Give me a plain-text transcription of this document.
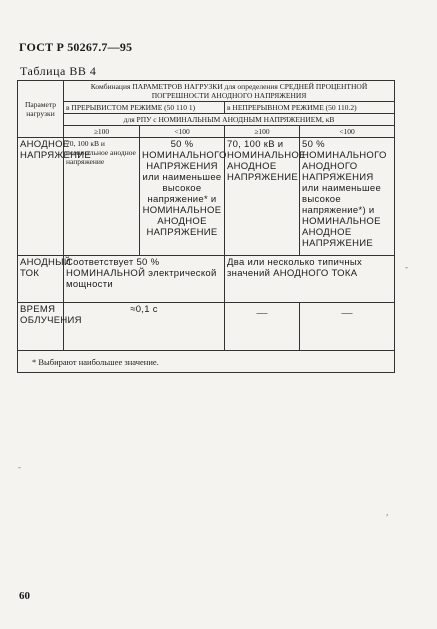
ГОСТ Р 50267.7—95
Таблица ВВ 4
Параметр нагрузки	Комбинация ПАРАМЕТРОВ НАГРУЗКИ для определения СРЕДНЕЙ ПРОЦЕНТНОЙ ПОГРЕШНОСТИ АНОДНОГО НАПРЯЖЕНИЯ			
	в ПРЕРЫВИСТОМ РЕЖИМЕ (50 110 1)		в НЕПРЕРЫВНОМ РЕЖИМЕ (50 110.2)	
	для РПУ с НОМИНАЛЬНЫМ АНОДНЫМ НАПРЯЖЕНИЕМ, кВ			
	≥100	<100	≥100	<100
АНОДНОЕ НАПРЯЖЕНИЕ	70, 100 кВ и номинальное анодное напряжение	50 % НОМИНАЛЬНОГО НАПРЯЖЕНИЯ или наименьшее высокое напряжение* и НОМИНАЛЬНОЕ АНОДНОЕ НАПРЯЖЕНИЕ	70, 100 кВ и НОМИНАЛЬНОЕ АНОДНОЕ НАПРЯЖЕНИЕ	50 % НОМИНАЛЬНОГО АНОДНОГО НАПРЯЖЕНИЯ или наименьшее высокое напряжение*) и НОМИНАЛЬНОЕ АНОДНОЕ НАПРЯЖЕНИЕ
АНОДНЫЙ ТОК	Соответствует 50 % НОМИНАЛЬНОЙ электрической мощности		Два или несколько типичных значений АНОДНОГО ТОКА	
ВРЕМЯ ОБЛУЧЕНИЯ	≈0,1 с		—	—
* Выбирают наибольшее значение.				
-
,
-
60
